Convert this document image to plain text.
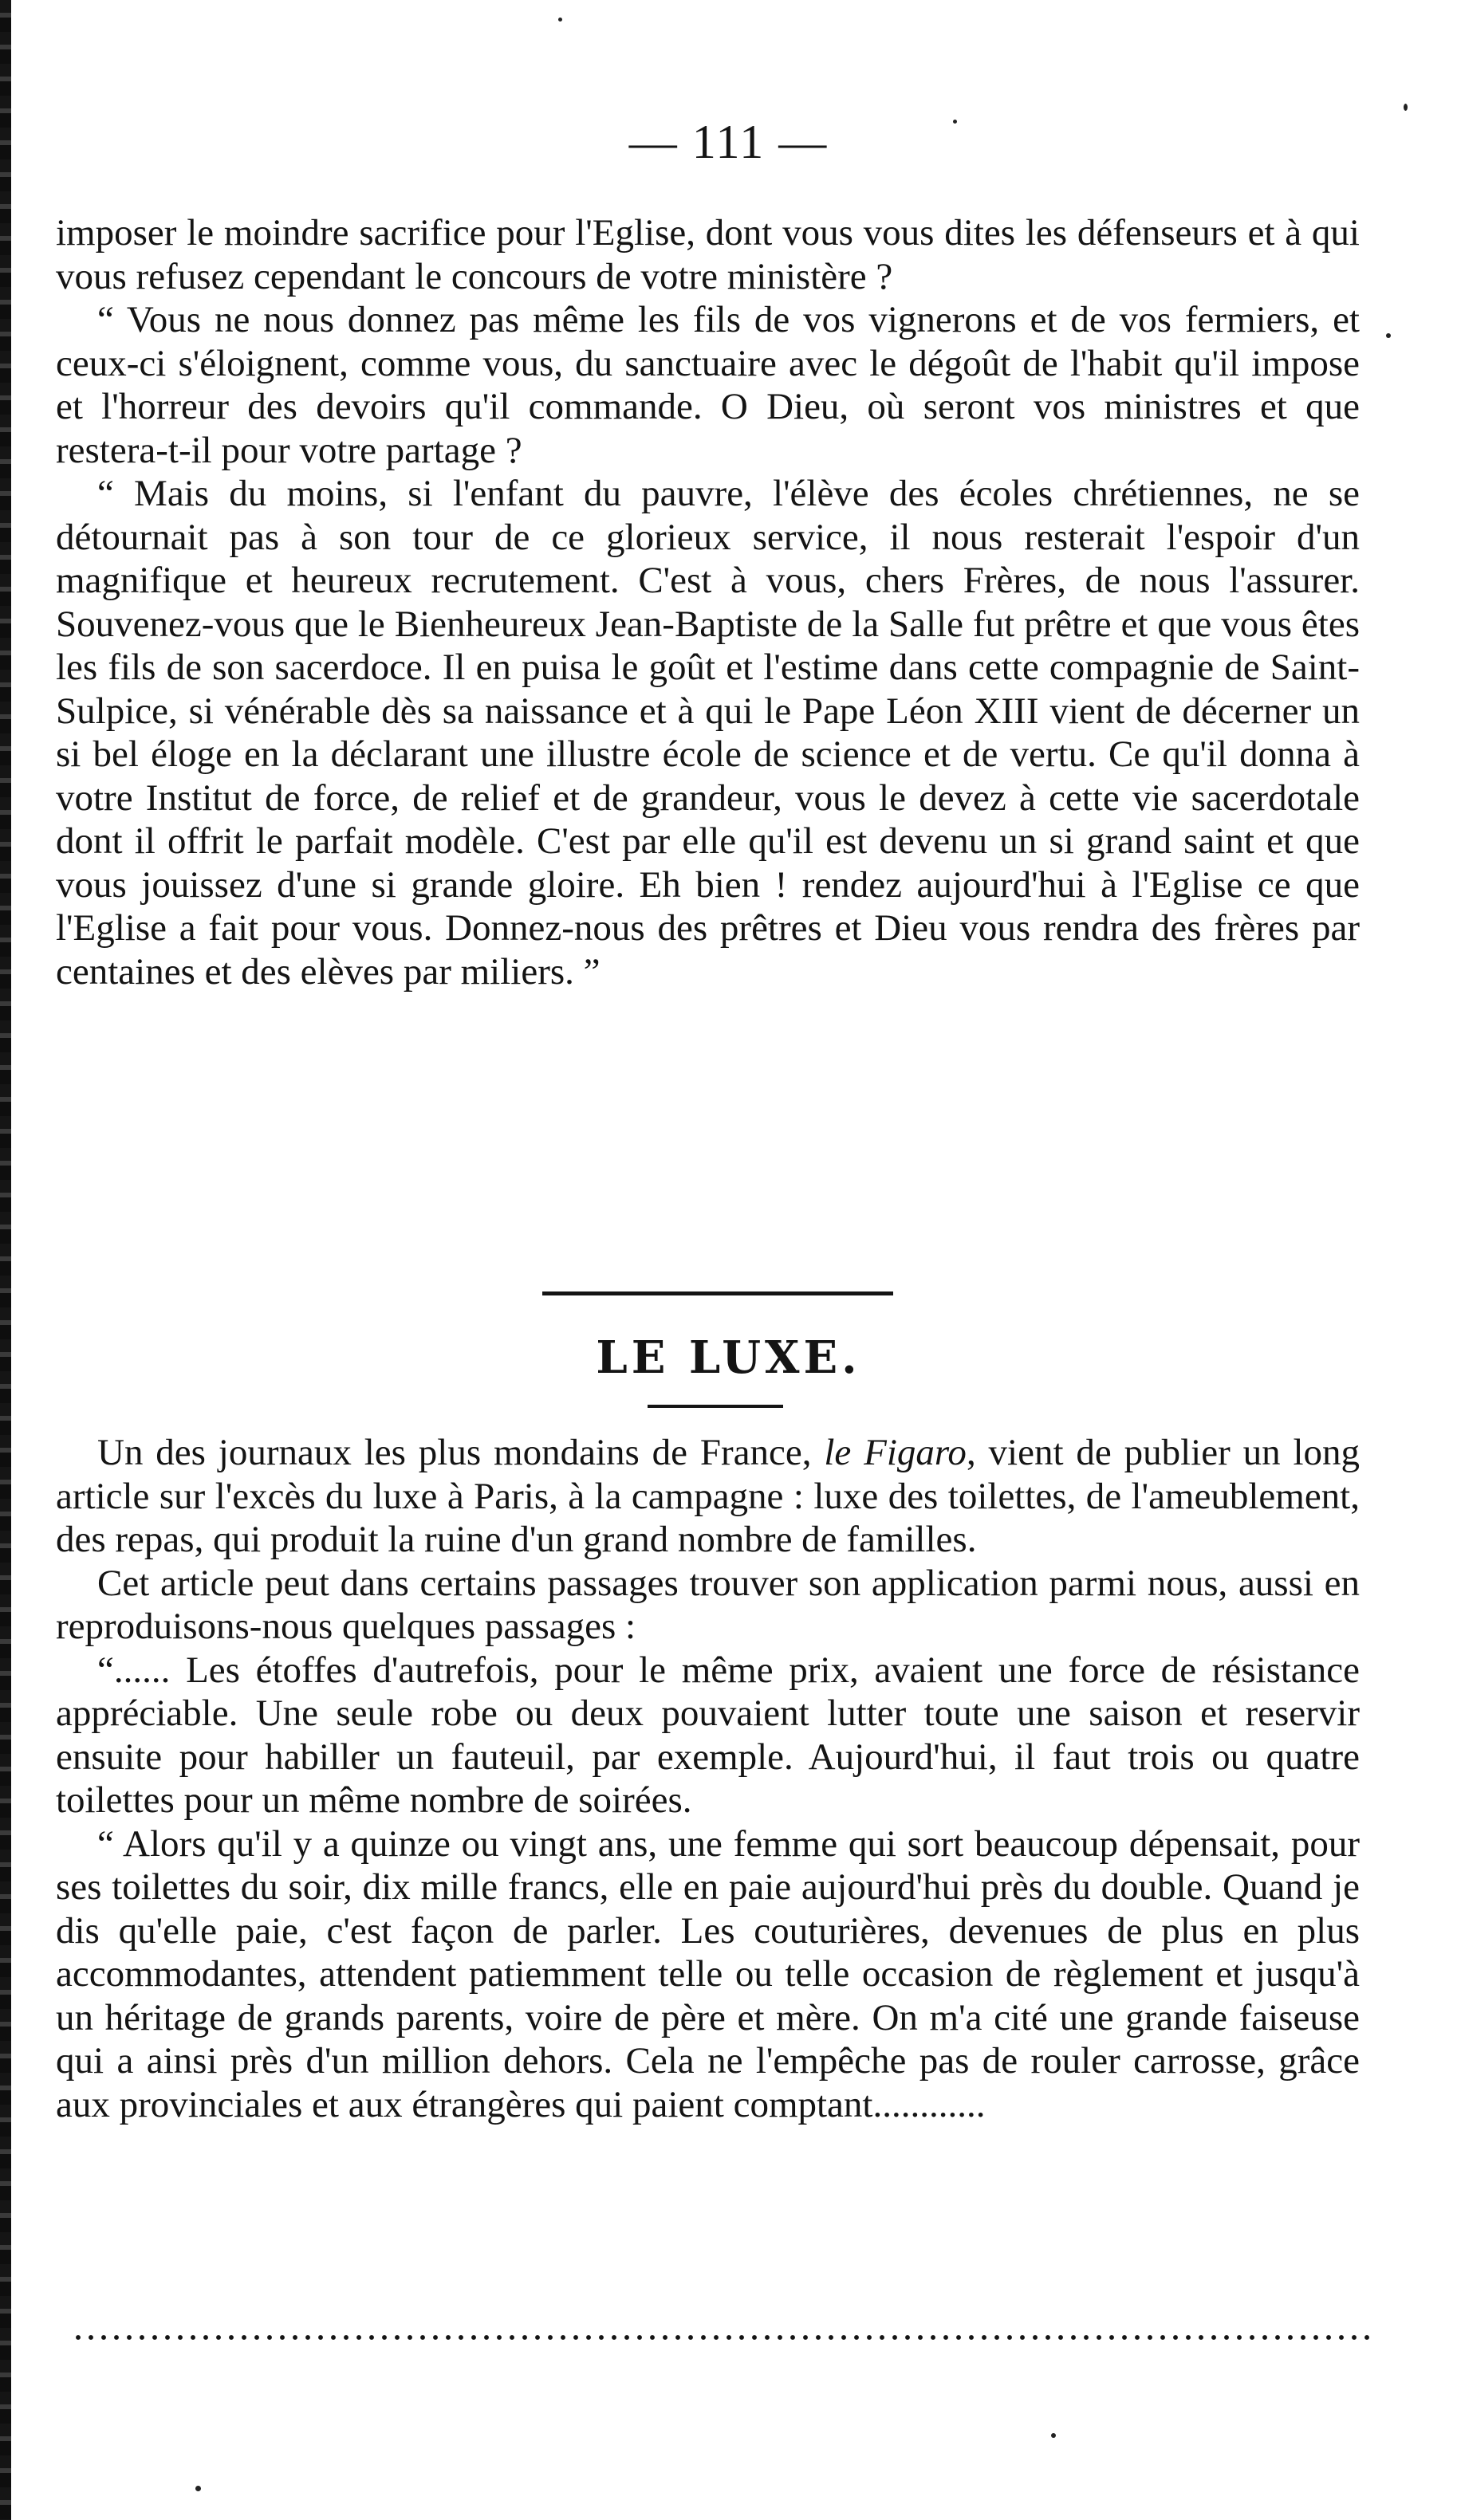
— 111 —

imposer le moindre sacrifice pour l'Eglise, dont vous vous dites les défenseurs et à qui vous refusez cependant le concours de votre ministère ?

“ Vous ne nous donnez pas même les fils de vos vignerons et de vos fermiers, et ceux-ci s'éloignent, comme vous, du sanctuaire avec le dégoût de l'habit qu'il impose et l'horreur des devoirs qu'il commande. O Dieu, où seront vos ministres et que restera-t-il pour votre partage ?

“ Mais du moins, si l'enfant du pauvre, l'élève des écoles chrétiennes, ne se détournait pas à son tour de ce glorieux service, il nous resterait l'espoir d'un magnifique et heureux recrutement. C'est à vous, chers Frères, de nous l'assurer. Souvenez-vous que le Bienheureux Jean-Baptiste de la Salle fut prêtre et que vous êtes les fils de son sacerdoce. Il en puisa le goût et l'estime dans cette compagnie de Saint-Sulpice, si vénérable dès sa naissance et à qui le Pape Léon XIII vient de décerner un si bel éloge en la déclarant une illustre école de science et de vertu. Ce qu'il donna à votre Institut de force, de relief et de grandeur, vous le devez à cette vie sacerdotale dont il offrit le parfait modèle. C'est par elle qu'il est devenu un si grand saint et que vous jouissez d'une si grande gloire. Eh bien ! rendez aujourd'hui à l'Eglise ce que l'Eglise a fait pour vous. Donnez-nous des prêtres et Dieu vous rendra des frères par centaines et des elèves par miliers. ”

LE LUXE.

Un des journaux les plus mondains de France, le Figaro, vient de publier un long article sur l'excès du luxe à Paris, à la campagne : luxe des toilettes, de l'ameublement, des repas, qui produit la ruine d'un grand nombre de familles.

Cet article peut dans certains passages trouver son application parmi nous, aussi en reproduisons-nous quelques passages :

“...... Les étoffes d'autrefois, pour le même prix, avaient une force de résistance appréciable. Une seule robe ou deux pouvaient lutter toute une saison et reservir ensuite pour habiller un fauteuil, par exemple. Aujourd'hui, il faut trois ou quatre toilettes pour un même nombre de soirées.

“ Alors qu'il y a quinze ou vingt ans, une femme qui sort beaucoup dépensait, pour ses toilettes du soir, dix mille francs, elle en paie aujourd'hui près du double. Quand je dis qu'elle paie, c'est façon de parler. Les couturières, devenues de plus en plus accommodantes, attendent patiemment telle ou telle occasion de règlement et jusqu'à un héritage de grands parents, voire de père et mère. On m'a cité une grande faiseuse qui a ainsi près d'un million dehors. Cela ne l'empêche pas de rouler carrosse, grâce aux provinciales et aux étrangères qui paient comptant............
